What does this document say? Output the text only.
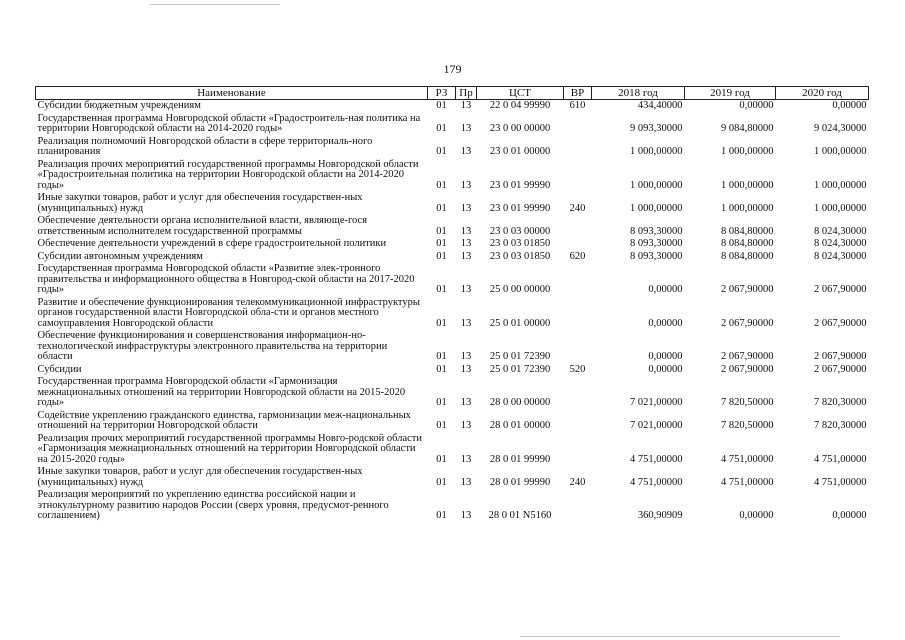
179
Наименование	РЗ	Пр	ЦСТ	ВР	2018 год	2019 год	2020 год
Субсидии бюджетным учреждениям	01	13	22 0 04 99990	610	434,40000	0,00000	0,00000
Государственная программа Новгородской области «Градостроитель-ная политика на территории Новгородской области на 2014-2020 годы»	01	13	23 0 00 00000		9 093,30000	9 084,80000	9 024,30000
Реализация полномочий Новгородской области в сфере территориаль-ного планирования	01	13	23 0 01 00000		1 000,00000	1 000,00000	1 000,00000
Реализация прочих мероприятий государственной программы Новгородской области «Градостроительная политика на территории Новгородской области на 2014-2020 годы»	01	13	23 0 01 99990		1 000,00000	1 000,00000	1 000,00000
Иные закупки товаров, работ и услуг для обеспечения государствен-ных (муниципальных) нужд	01	13	23 0 01 99990	240	1 000,00000	1 000,00000	1 000,00000
Обеспечение деятельности органа исполнительной власти, являюще-гося ответственным исполнителем государственной программы	01	13	23 0 03 00000		8 093,30000	8 084,80000	8 024,30000
Обеспечение деятельности учреждений в сфере градостроительной политики	01	13	23 0 03 01850		8 093,30000	8 084,80000	8 024,30000
Субсидии автономным учреждениям	01	13	23 0 03 01850	620	8 093,30000	8 084,80000	8 024,30000
Государственная программа Новгородской области «Развитие элек-тронного правительства и информационного общества в Новгород-ской области на 2017-2020 годы»	01	13	25 0 00 00000		0,00000	2 067,90000	2 067,90000
Развитие и обеспечение функционирования телекоммуникационной инфраструктуры органов государственной власти Новгородской обла-сти и органов местного самоуправления Новгородской области	01	13	25 0 01 00000		0,00000	2 067,90000	2 067,90000
Обеспечение функционирования и совершенствования информацион-но- технологической инфраструктуры электронного правительства на территории области	01	13	25 0 01 72390		0,00000	2 067,90000	2 067,90000
Субсидии	01	13	25 0 01 72390	520	0,00000	2 067,90000	2 067,90000
Государственная программа Новгородской области «Гармонизация межнациональных отношений на территории Новгородской области на 2015-2020 годы»	01	13	28 0 00 00000		7 021,00000	7 820,50000	7 820,30000
Содействие укреплению гражданского единства, гармонизации меж-национальных отношений на территории Новгородской области	01	13	28 0 01 00000		7 021,00000	7 820,50000	7 820,30000
Реализация прочих мероприятий государственной программы Новго-родской области «Гармонизация межнациональных отношений на территории Новгородской области на 2015-2020 годы»	01	13	28 0 01 99990		4 751,00000	4 751,00000	4 751,00000
Иные закупки товаров, работ и услуг для обеспечения государствен-ных (муниципальных) нужд	01	13	28 0 01 99990	240	4 751,00000	4 751,00000	4 751,00000
Реализация мероприятий по укреплению единства российской нации и этнокультурному развитию народов России (сверх уровня, предусмот-ренного соглашением)	01	13	28 0 01 N5160		360,90909	0,00000	0,00000
